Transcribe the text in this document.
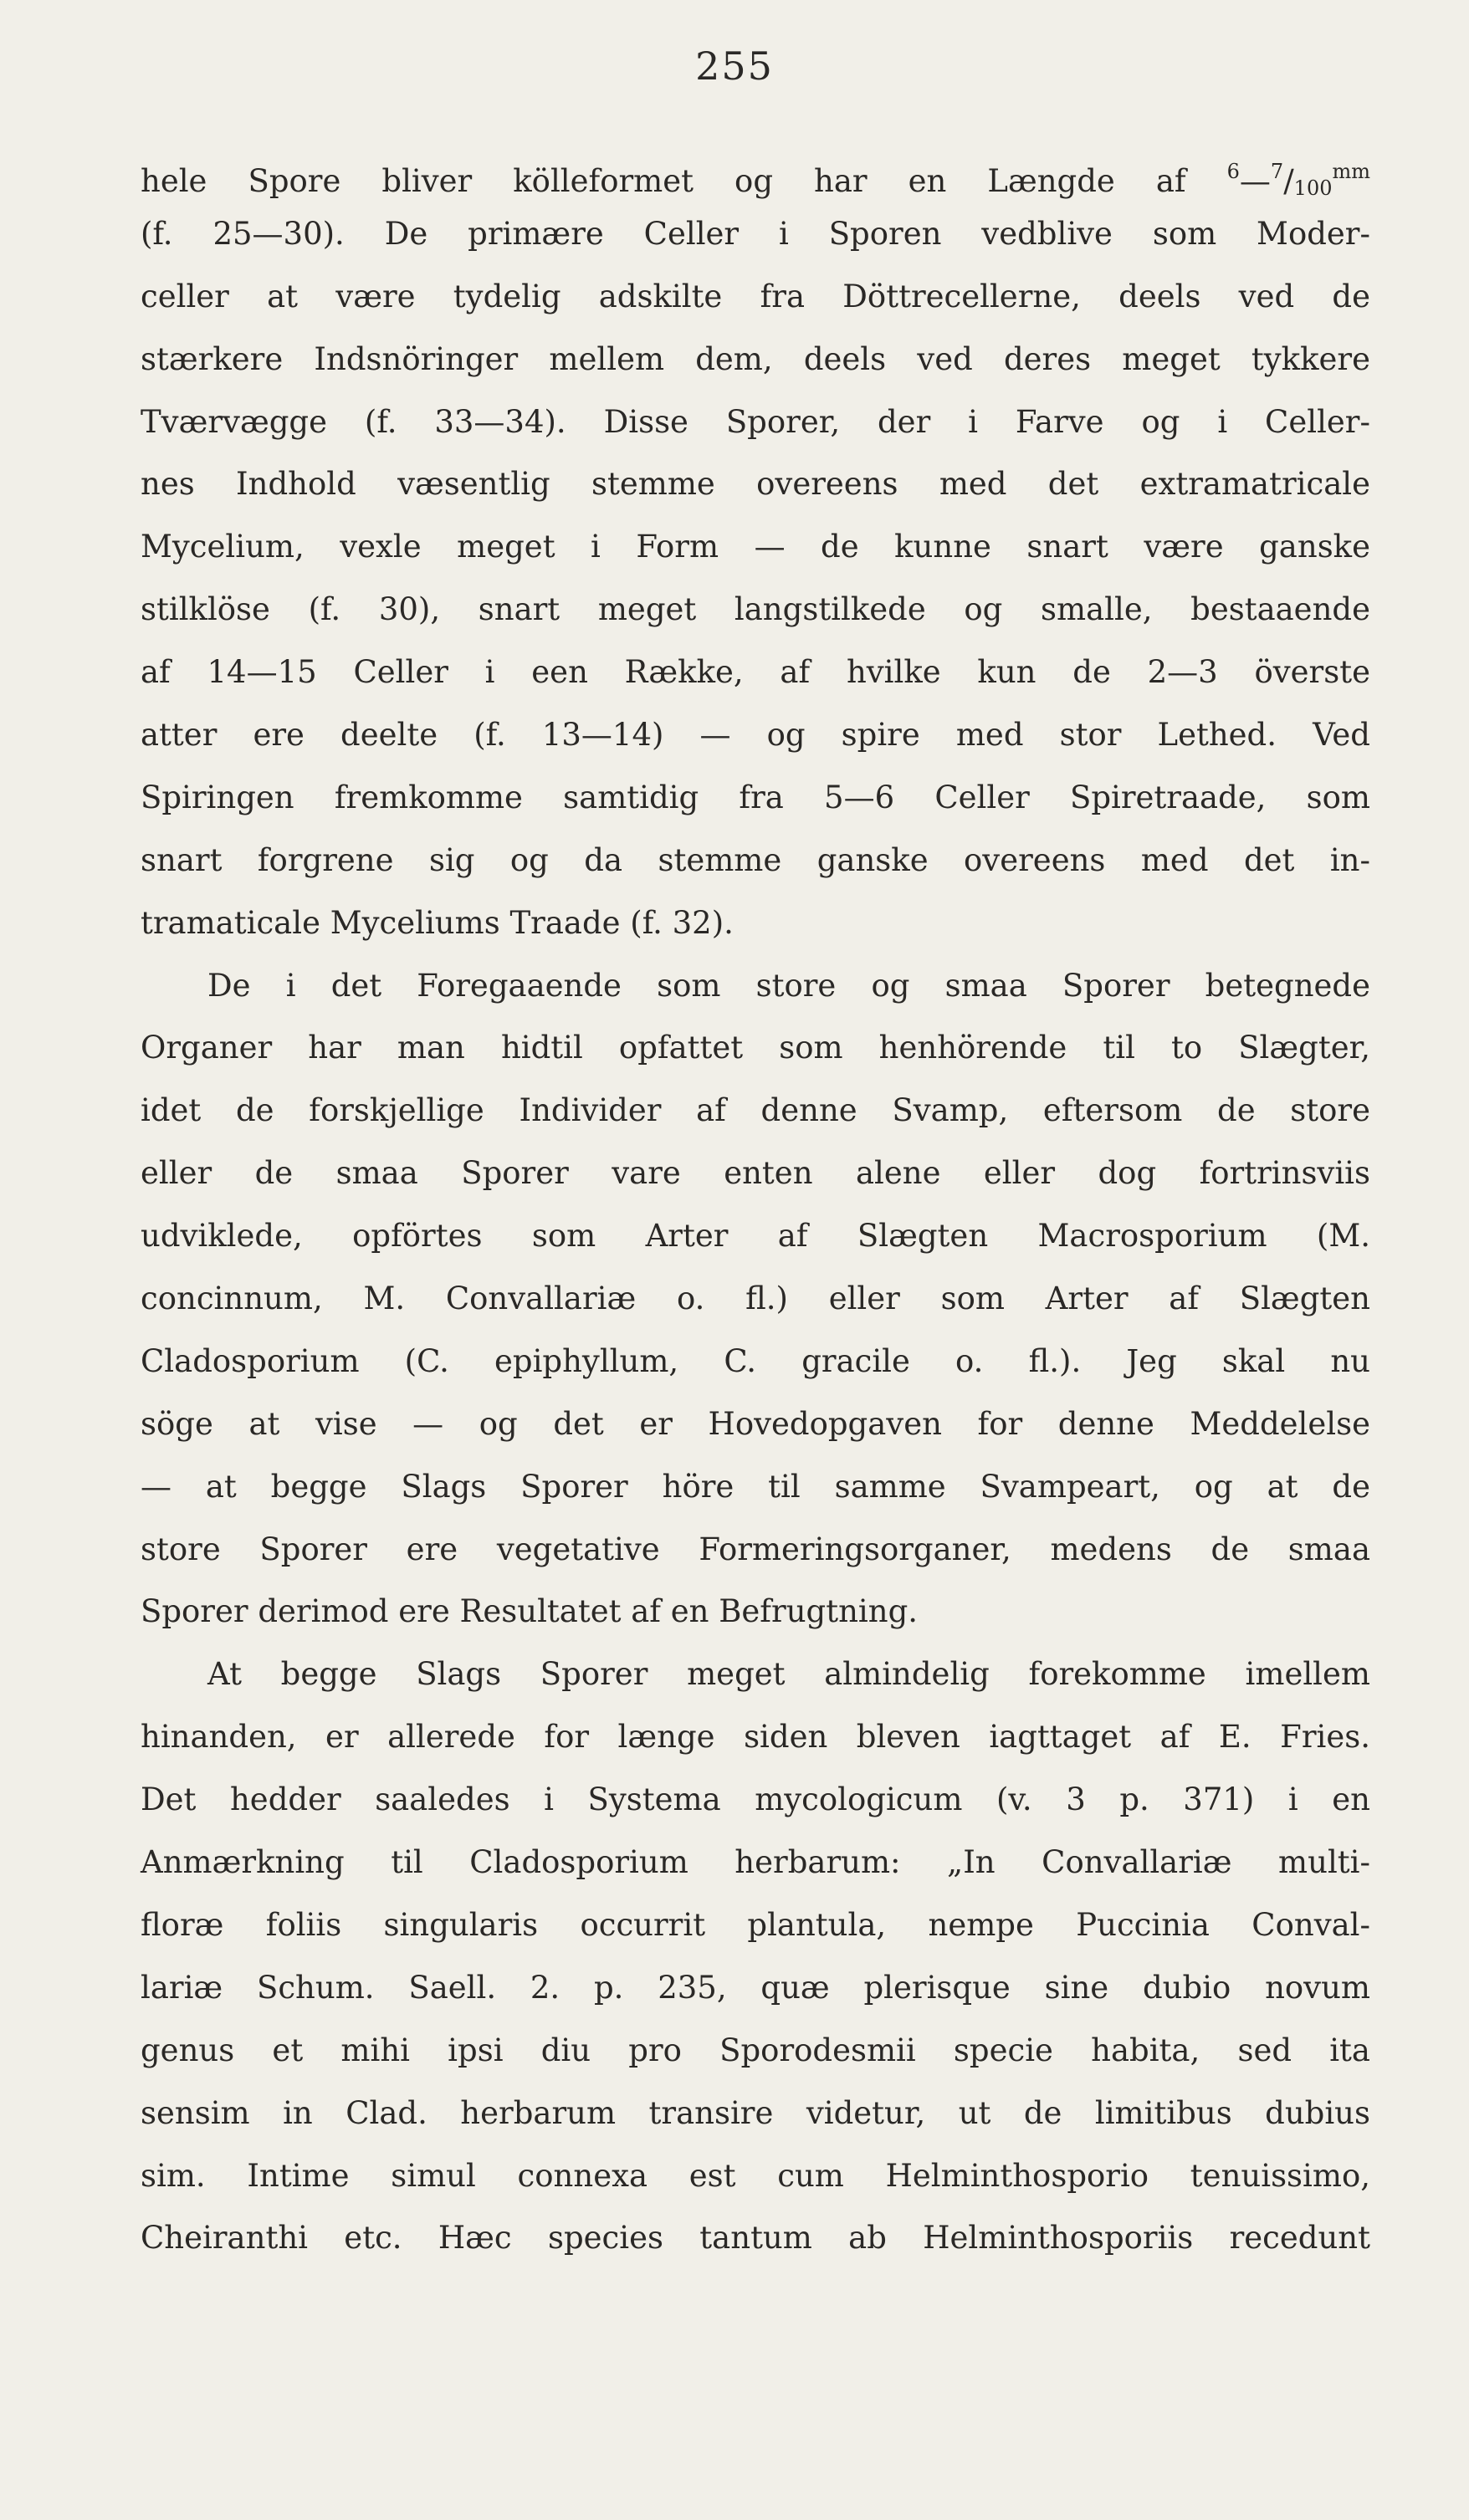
255
hele Spore bliver kölleformet og har en Længde af $^6—^7/_{100}^{mm}$
(f. 25—30). De primære Celler i Sporen vedblive som Moder-
celler at være tydelig adskilte fra Döttrecellerne, deels ved de
stærkere Indsnöringer mellem dem, deels ved deres meget tykkere
Tværvægge (f. 33—34). Disse Sporer, der i Farve og i Celler-
nes Indhold væsentlig stemme overeens med det extramatricale
Mycelium, vexle meget i Form — de kunne snart være ganske
stilklöse (f. 30), snart meget langstilkede og smalle, bestaaende
af 14—15 Celler i een Række, af hvilke kun de 2—3 överste
atter ere deelte (f. 13—14) — og spire med stor Lethed. Ved
Spiringen fremkomme samtidig fra 5—6 Celler Spiretraade, som
snart forgrene sig og da stemme ganske overeens med det in-
tramaticale Myceliums Traade (f. 32).
De i det Foregaaende som store og smaa Sporer betegnede
Organer har man hidtil opfattet som henhörende til to Slægter,
idet de forskjellige Individer af denne Svamp, eftersom de store
eller de smaa Sporer vare enten alene eller dog fortrinsviis
udviklede, opförtes som Arter af Slægten Macrosporium (M.
concinnum, M. Convallariæ o. fl.) eller som Arter af Slægten
Cladosporium (C. epiphyllum, C. gracile o. fl.). Jeg skal nu
söge at vise — og det er Hovedopgaven for denne Meddelelse
— at begge Slags Sporer höre til samme Svampeart, og at de
store Sporer ere vegetative Formeringsorganer, medens de smaa
Sporer derimod ere Resultatet af en Befrugtning.
At begge Slags Sporer meget almindelig forekomme imellem
hinanden, er allerede for længe siden bleven iagttaget af E. Fries.
Det hedder saaledes i Systema mycologicum (v. 3 p. 371) i en
Anmærkning til Cladosporium herbarum: „In Convallariæ multi-
floræ foliis singularis occurrit plantula, nempe Puccinia Conval-
lariæ Schum. Saell. 2. p. 235, quæ plerisque sine dubio novum
genus et mihi ipsi diu pro Sporodesmii specie habita, sed ita
sensim in Clad. herbarum transire videtur, ut de limitibus dubius
sim. Intime simul connexa est cum Helminthosporio tenuissimo,
Cheiranthi etc. Hæc species tantum ab Helminthosporiis recedunt
